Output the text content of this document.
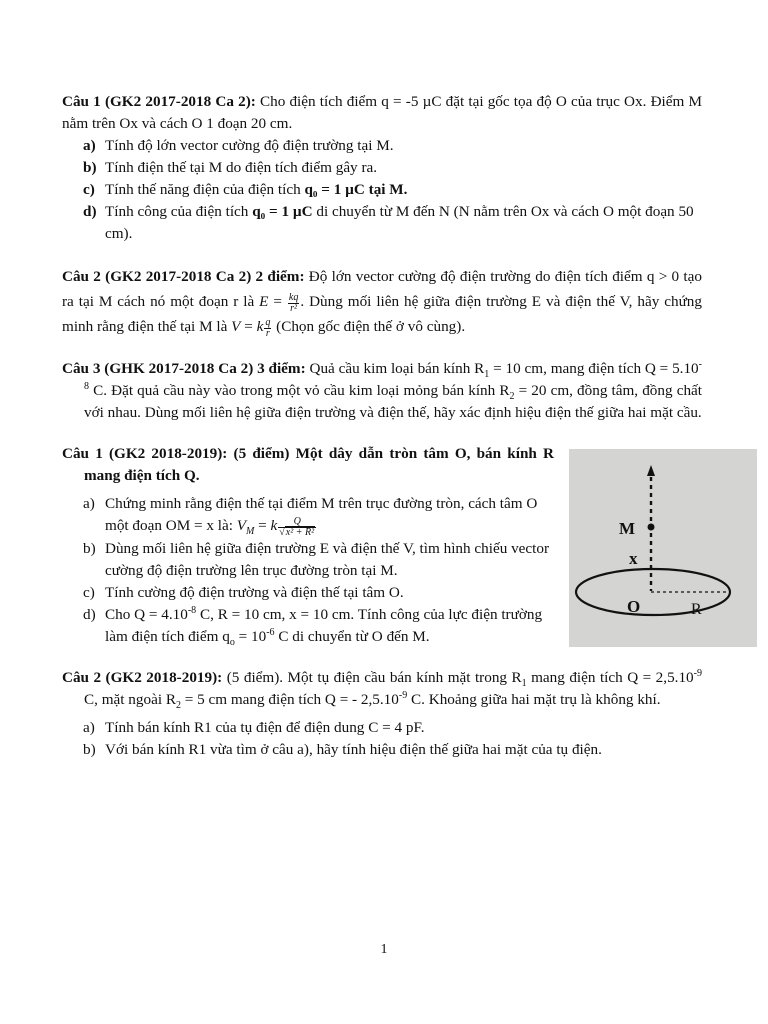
Câu 1 (GK2 2017-2018 Ca 2): Cho điện tích điểm q = -5 µC đặt tại gốc tọa độ O của trục Ox. Điểm M nằm trên Ox và cách O 1 đoạn 20 cm.

a) Tính độ lớn vector cường độ điện trường tại M.
b) Tính điện thế tại M do điện tích điểm gây ra.
c) Tính thế năng điện của điện tích q₀ = 1 µC tại M.
d) Tính công của điện tích q₀ = 1 µC di chuyển từ M đến N (N nằm trên Ox và cách O một đoạn 50 cm).

Câu 2 (GK2 2017-2018 Ca 2) 2 điểm: Độ lớn vector cường độ điện trường do điện tích điểm q > 0 tạo ra tại M cách nó một đoạn r là $E = \frac{kq}{\text{r²}}$ . Dùng mối liên hệ giữa điện trường E và điện thế V, hãy chứng minh rằng điện thế tại M là V = k $\frac{q}{r}$ (Chọn gốc điện thế ở vô cùng).

Câu 3 (GHK 2017-2018 Ca 2) 3 điểm: Quả cầu kim loại bán kính $R_1 = 10$ cm, mang điện tích $Q = 5.10^{-8}$ C. Đặt quả cầu này vào trong một vỏ cầu kim loại mỏng bán kính $R_2 = 20$ cm, đồng tâm, đồng chất với nhau. Dùng mối liên hệ giữa điện trường và điện thế, hãy xác định hiệu điện thế giữa hai mặt cầu.

Câu 1 (GK2 2018-2019): (5 điểm) Một dây dẫn tròn tâm O, bán kính R mang điện tích Q.

a) Chứng minh rằng điện thế tại điểm M trên trục đường tròn, cách tâm O một đoạn OM = x là: $V_M = k \frac{Q}{\text{√x² + R²}}$
b) Dùng mối liên hệ giữa điện trường E và điện thế V, tìm hình chiếu vector cường độ điện trường lên trục đường tròn tại M.
c) Tính cường độ điện trường và điện thế tại tâm O.
d) Cho $Q = 4.10^{-8}$ C, R = 10 cm, x = 10 cm. Tính công của lực điện trường làm điện tích điểm $q_o = 10^{-6}$ C di chuyển từ O đến M.
M
x
O	R

Câu 2 (GK2 2018-2019): (5 điểm). Một tụ điện cầu bán kính mặt trong $R_1$ mang điện tích $Q = 2,5.10^{-9}$ C, mặt ngoài $R_2 = 5$ cm mang điện tích Q = - $2,5.10^{-9}$ C. Khoảng giữa hai mặt trụ là không khí.

a) Tính bán kính R1 của tụ điện để điện dung C = 4 pF.
b) Với bán kính R1 vừa tìm ở câu a), hãy tính hiệu điện thế giữa hai mặt của tụ điện.
1
